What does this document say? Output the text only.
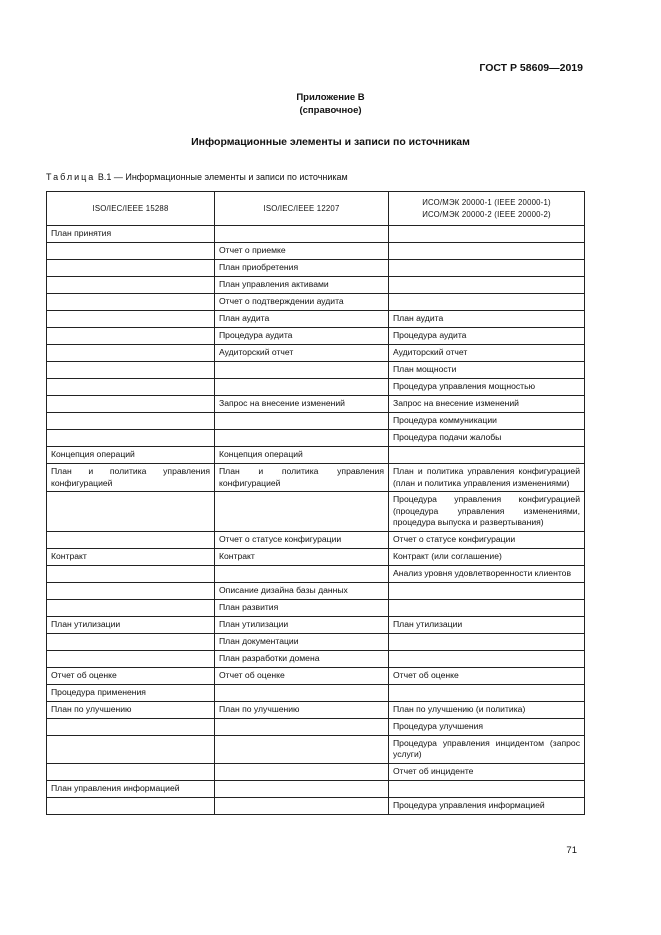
ГОСТ Р 58609—2019
Приложение В
(справочное)
Информационные элементы и записи по источникам
Таблица В.1 — Информационные элементы и записи по источникам
ISO/IEC/IEEE 15288	ISO/IEC/IEEE 12207	ИСО/МЭК 20000-1 (IEEE 20000-1)
ИСО/МЭК 20000-2 (IEEE 20000-2)
План принятия		
	Отчет о приемке	
	План приобретения	
	План управления активами	
	Отчет о подтверждении аудита	
	План аудита	План аудита
	Процедура аудита	Процедура аудита
	Аудиторский отчет	Аудиторский отчет
		План мощности
		Процедура управления мощностью
	Запрос на внесение изменений	Запрос на внесение изменений
		Процедура коммуникации
		Процедура подачи жалобы
Концепция операций	Концепция операций	
План и политика управления конфигурацией	План и политика управления конфигурацией	План и политика управления конфигурацией (план и политика управления изменениями)
		Процедура управления конфигурацией (процедура управления изменениями, процедура выпуска и развертывания)
	Отчет о статусе конфигурации	Отчет о статусе конфигурации
Контракт	Контракт	Контракт (или соглашение)
		Анализ уровня удовлетворенности клиентов
	Описание дизайна базы данных	
	План развития	
План утилизации	План утилизации	План утилизации
	План документации	
	План разработки домена	
Отчет об оценке	Отчет об оценке	Отчет об оценке
Процедура применения		
План по улучшению	План по улучшению	План по улучшению (и политика)
		Процедура улучшения
		Процедура управления инцидентом (запрос услуги)
		Отчет об инциденте
План управления информацией		
		Процедура управления информацией
71
